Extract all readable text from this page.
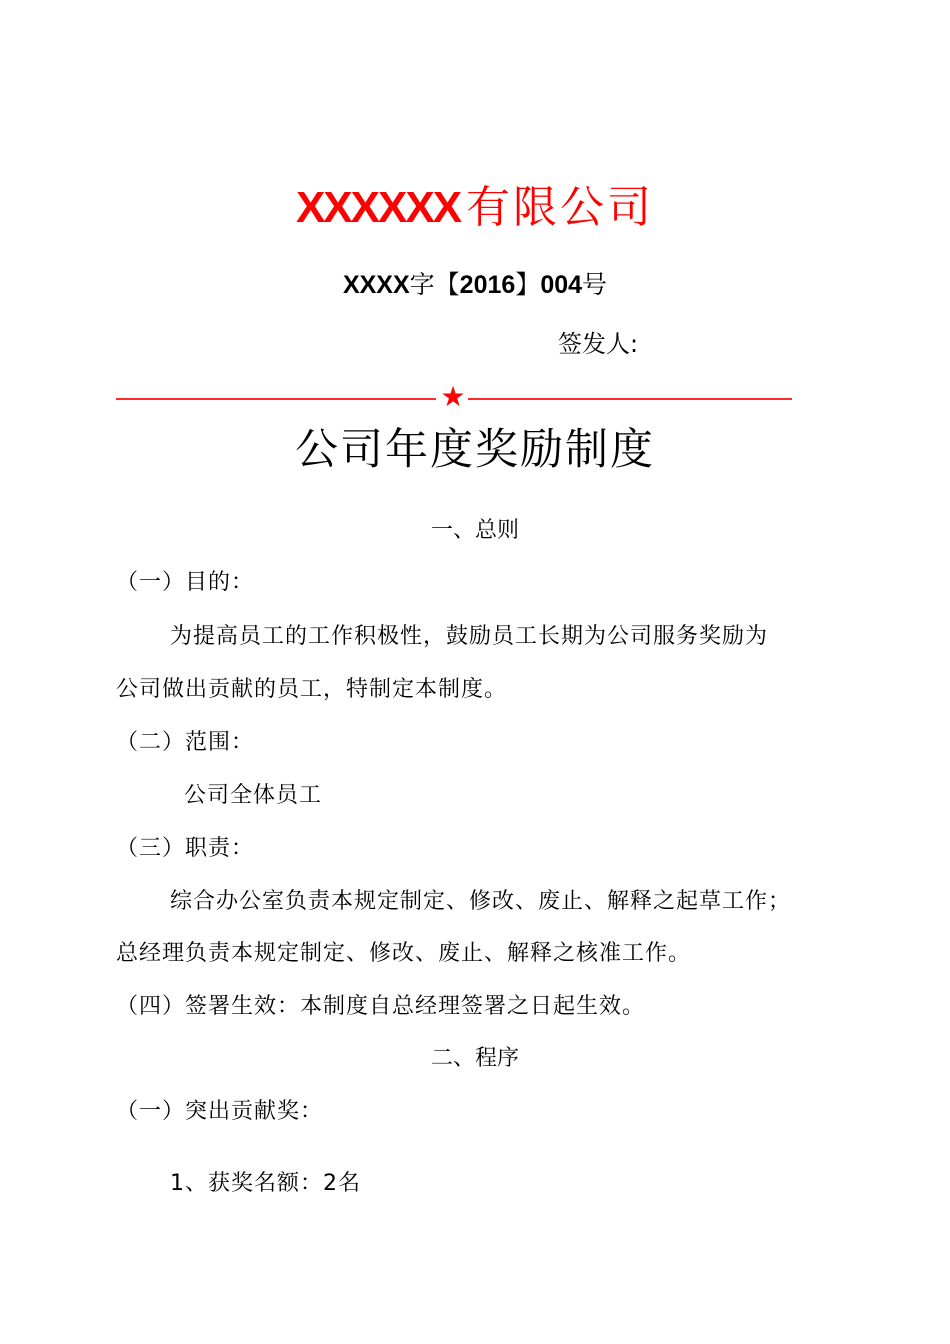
XXXXXX 有限公司
XXXX字【2016】004号
签发人:
★
公司年度奖励制度
一、总则
（一）目的：
为提高员工的工作积极性，鼓励员工长期为公司服务奖励为
公司做出贡献的员工，特制定本制度。
（二）范围：
公司全体员工
（三）职责：
综合办公室负责本规定制定、修改、废止、解释之起草工作；
总经理负责本规定制定、修改、废止、解释之核准工作。
（四）签署生效：本制度自总经理签署之日起生效。
二、程序
（一）突出贡献奖：
1、获奖名额：2名
